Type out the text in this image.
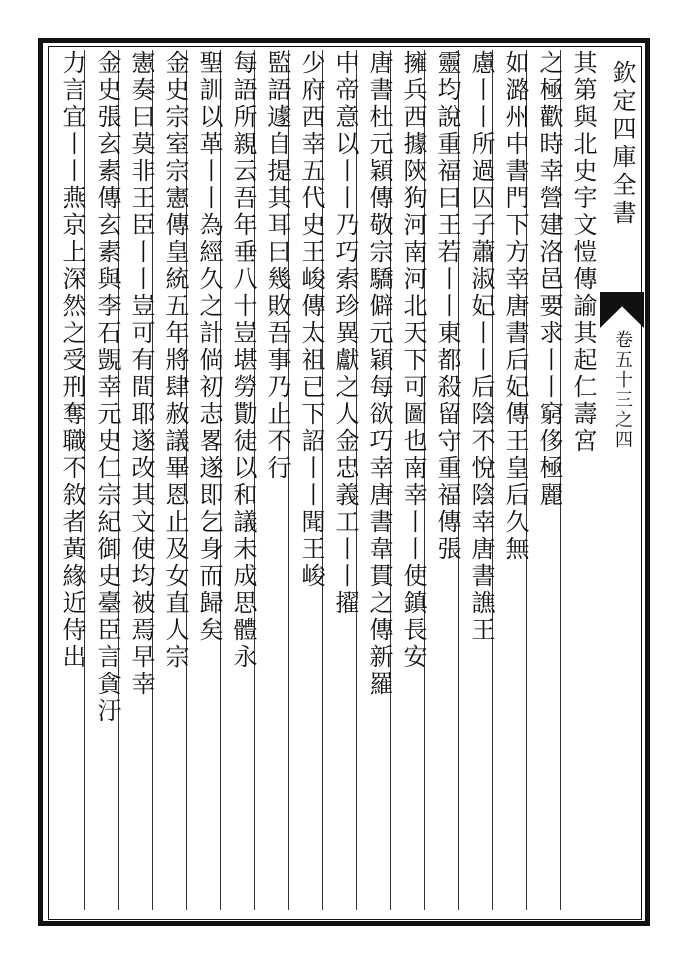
欽定四庫全書
卷五十三之四
其第與北史宇文愷傳諭其起仁壽宮
之極歡時幸營建洛邑要求丨丨窮侈極麗
如潞州中書門下方幸唐書后妃傳王皇后久無
慮丨丨所過囚子蕭淑妃丨丨后陰不悅陰幸唐書譙王
靈均說重福曰王若丨丨東都殺留守重福傳張
擁兵西據陝狗河南河北天下可圖也南幸丨丨使鎮長安
唐書杜元穎傳敬宗驕僻元穎每欲巧幸唐書韋貫之傳新羅
中帝意以丨丨乃巧索珍異獻之人金忠義工丨丨擢
少府西幸五代史王峻傳太祖已下詔丨丨聞王峻
監語遽自提其耳曰幾敗吾事乃止不行
每語所親云吾年垂八十豈堪勞勩徒以和議未成思體永
聖訓以革丨丨為經久之計倘初志畧遂即乞身而歸矣
金史宗室宗憲傳皇統五年將肆赦議畢恩止及女直人宗
憲奏曰莫非王臣丨丨豈可有間耶遂改其文使均被焉早幸
金史張玄素傳玄素與李石覬幸元史仁宗紀御史臺臣言貪汙
力言宜丨丨燕京上深然之受刑奪職不敘者黃緣近侍出
